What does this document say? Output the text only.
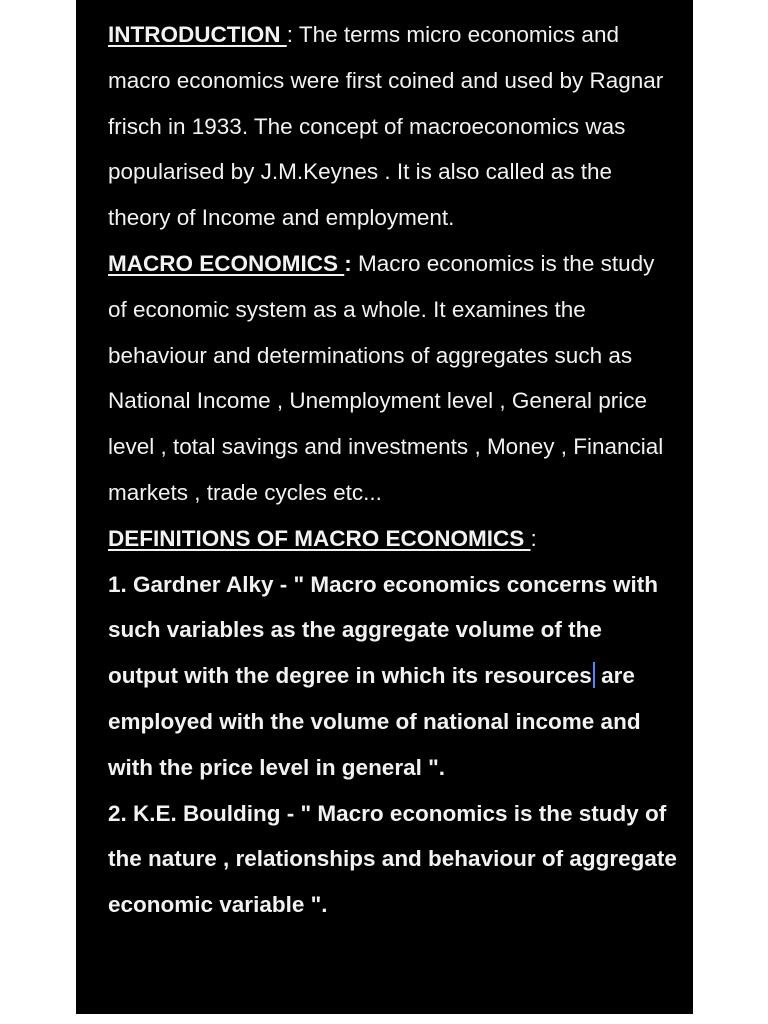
INTRODUCTION : The terms micro economics and macro economics were first coined and used by Ragnar frisch in 1933. The concept of macroeconomics was popularised by J.M.Keynes . It is also called as the theory of Income and employment.

MACRO ECONOMICS : Macro economics is the study of economic system as a whole. It examines the behaviour and determinations of aggregates such as National Income , Unemployment level , General price level , total savings and investments , Money , Financial markets , trade cycles etc...

DEFINITIONS OF MACRO ECONOMICS :

1. Gardner Alky - " Macro economics concerns with such variables as the aggregate volume of the output with the degree in which its resources are employed with the volume of national income and with the price level in general ".

2. K.E. Boulding - " Macro economics is the study of the nature , relationships and behaviour of aggregate economic variable ".
